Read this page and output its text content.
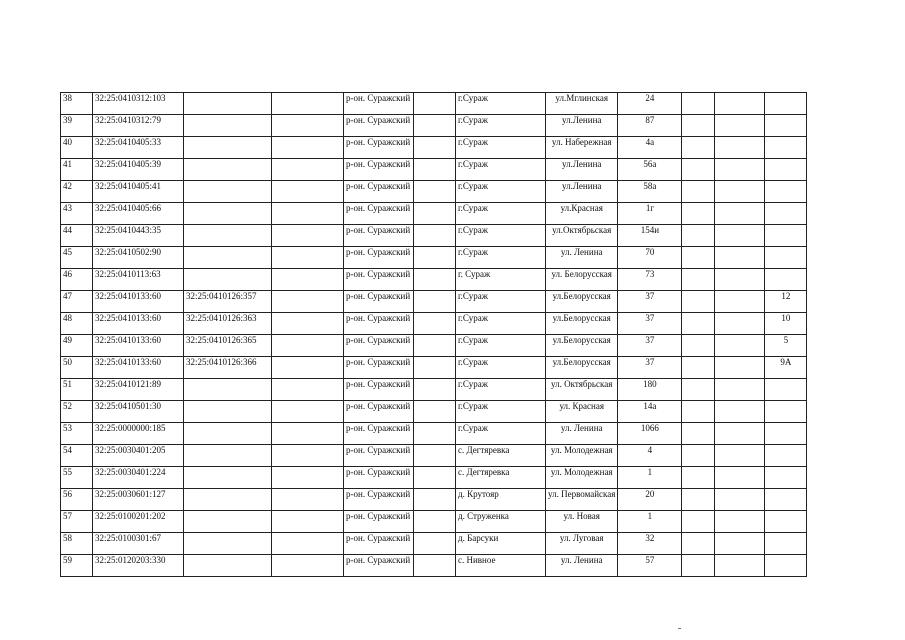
38	32:25:0410312:103			р-он. Суражский		г.Сураж	ул.Мглинская	24			
39	32:25:0410312:79			р-он. Суражский		г.Сураж	ул.Ленина	87			
40	32:25:0410405:33			р-он. Суражский		г.Сураж	ул. Набережная	4а			
41	32:25:0410405:39			р-он. Суражский		г.Сураж	ул.Ленина	56а			
42	32:25:0410405:41			р-он. Суражский		г.Сураж	ул.Ленина	58а			
43	32:25:0410405:66			р-он. Суражский		г.Сураж	ул.Красная	1г			
44	32:25:0410443:35			р-он. Суражский		г.Сураж	ул.Октябрьская	154и			
45	32:25:0410502:90			р-он. Суражский		г.Сураж	ул. Ленина	70			
46	32:25:0410113:63			р-он. Суражский		г. Сураж	ул. Белорусская	73			
47	32:25:0410133:60	32:25:0410126:357		р-он. Суражский		г.Сураж	ул.Белорусская	37			12
48	32:25:0410133:60	32:25:0410126:363		р-он. Суражский		г.Сураж	ул.Белорусская	37			10
49	32:25:0410133:60	32:25:0410126:365		р-он. Суражский		г.Сураж	ул.Белорусская	37			5
50	32:25:0410133:60	32:25:0410126:366		р-он. Суражский		г.Сураж	ул.Белорусская	37			9А
51	32:25:0410121:89			р-он. Суражский		г.Сураж	ул. Октябрьская	180			
52	32:25:0410501:30			р-он. Суражский		г.Сураж	ул. Красная	14а			
53	32:25:0000000:185			р-он. Суражский		г.Сураж	ул. Ленина	1066			
54	32:25:0030401:205			р-он. Суражский		с. Дегтяревка	ул. Молодежная	4			
55	32:25:0030401:224			р-он. Суражский		с. Дегтяревка	ул. Молодежная	1			
56	32:25:0030601:127			р-он. Суражский		д. Крутояр	ул. Первомайская	20			
57	32:25:0100201:202			р-он. Суражский		д. Струженка	ул. Новая	1			
58	32:25:0100301:67			р-он. Суражский		д. Барсуки	ул. Луговая	32			
59	32:25:0120203:330			р-он. Суражский		с. Нивное	ул. Ленина	57			
